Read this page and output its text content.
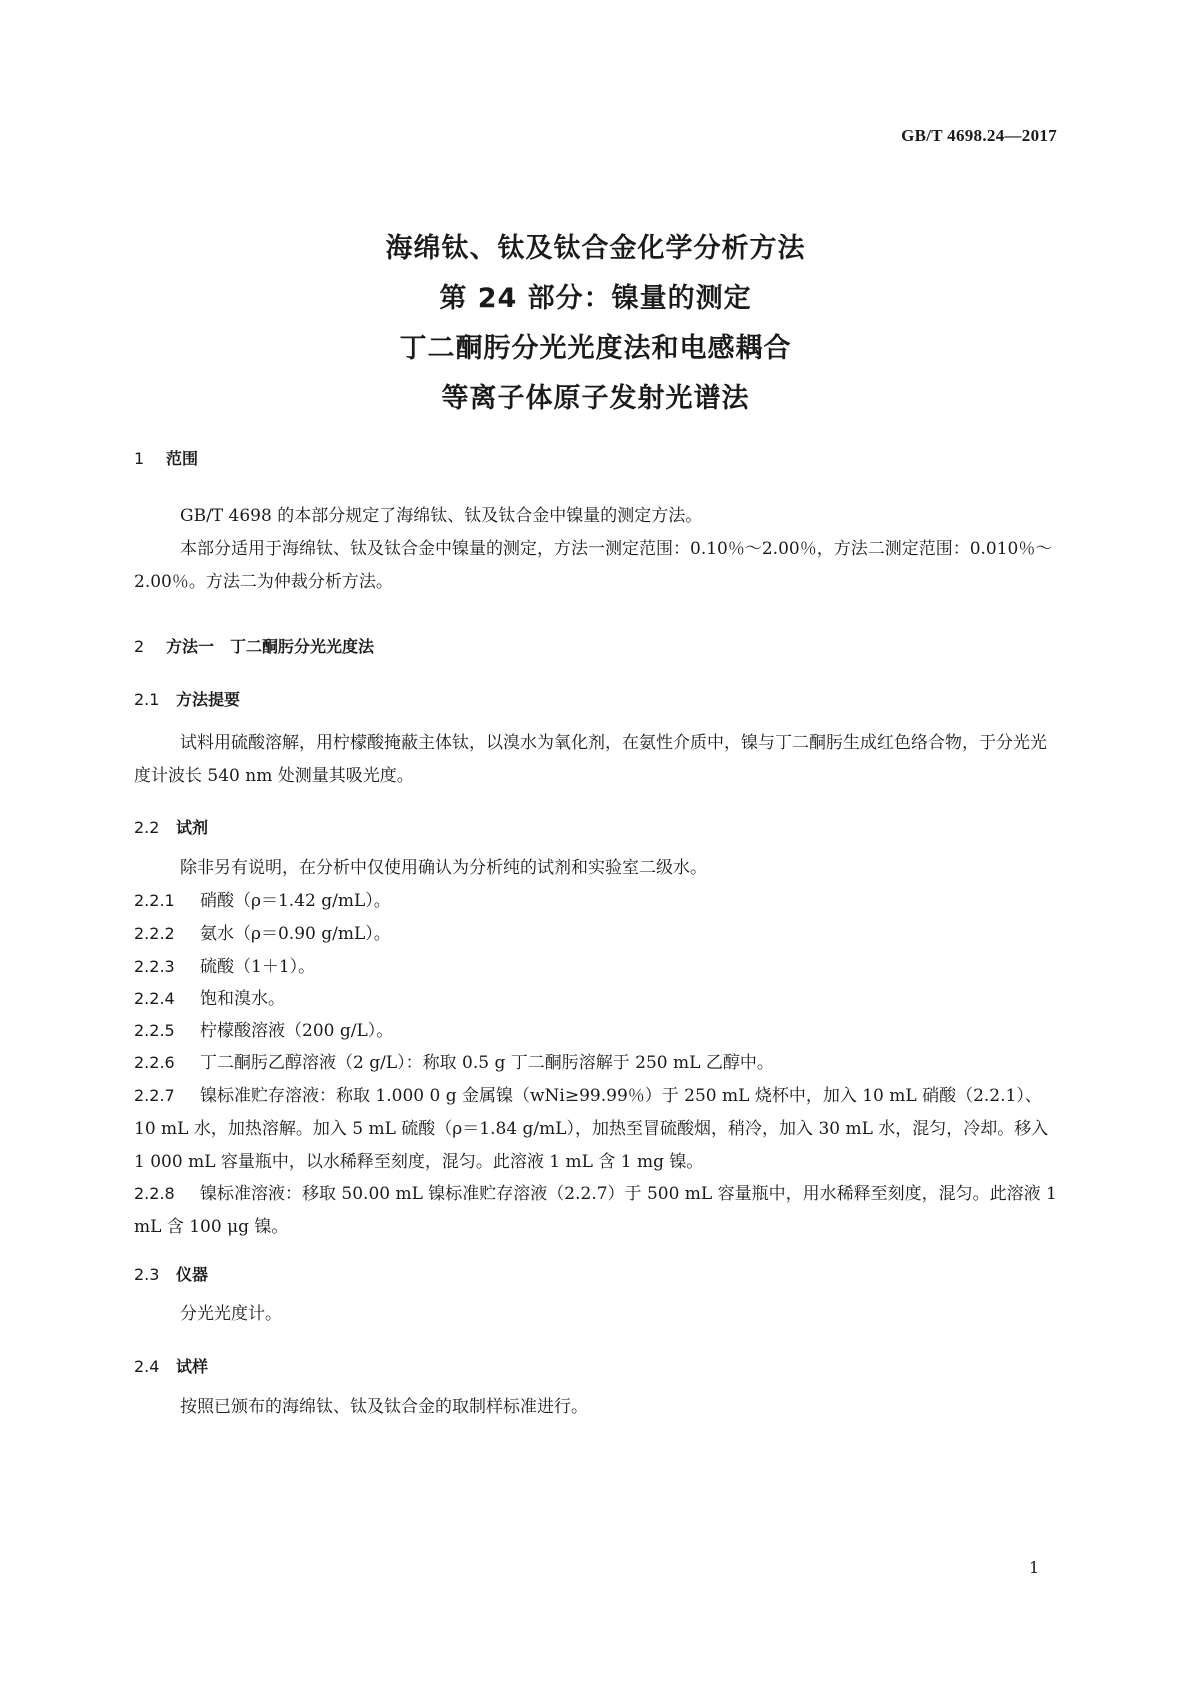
GB/T 4698.24—2017
海绵钛、钛及钛合金化学分析方法
第 24 部分：镍量的测定
丁二酮肟分光光度法和电感耦合
等离子体原子发射光谱法
1 范围
GB/T 4698 的本部分规定了海绵钛、钛及钛合金中镍量的测定方法。
本部分适用于海绵钛、钛及钛合金中镍量的测定，方法一测定范围：0.10％～2.00％，方法二测定范围：0.010％～2.00％。方法二为仲裁分析方法。
2 方法一　丁二酮肟分光光度法
2.1 方法提要
试料用硫酸溶解，用柠檬酸掩蔽主体钛，以溴水为氧化剂，在氨性介质中，镍与丁二酮肟生成红色络合物，于分光光度计波长 540 nm 处测量其吸光度。
2.2 试剂
除非另有说明，在分析中仅使用确认为分析纯的试剂和实验室二级水。
2.2.1 硝酸（ρ＝1.42 g/mL）。
2.2.2 氨水（ρ＝0.90 g/mL）。
2.2.3 硫酸（1＋1）。
2.2.4 饱和溴水。
2.2.5 柠檬酸溶液（200 g/L）。
2.2.6 丁二酮肟乙醇溶液（2 g/L）：称取 0.5 g 丁二酮肟溶解于 250 mL 乙醇中。
2.2.7 镍标准贮存溶液：称取 1.000 0 g 金属镍（wNi≥99.99％）于 250 mL 烧杯中，加入 10 mL 硝酸（2.2.1）、10 mL 水，加热溶解。加入 5 mL 硫酸（ρ＝1.84 g/mL），加热至冒硫酸烟，稍冷，加入 30 mL 水，混匀，冷却。移入 1 000 mL 容量瓶中，以水稀释至刻度，混匀。此溶液 1 mL 含 1 mg 镍。
2.2.8 镍标准溶液：移取 50.00 mL 镍标准贮存溶液（2.2.7）于 500 mL 容量瓶中，用水稀释至刻度，混匀。此溶液 1 mL 含 100 μg 镍。
2.3 仪器
分光光度计。
2.4 试样
按照已颁布的海绵钛、钛及钛合金的取制样标准进行。
1
